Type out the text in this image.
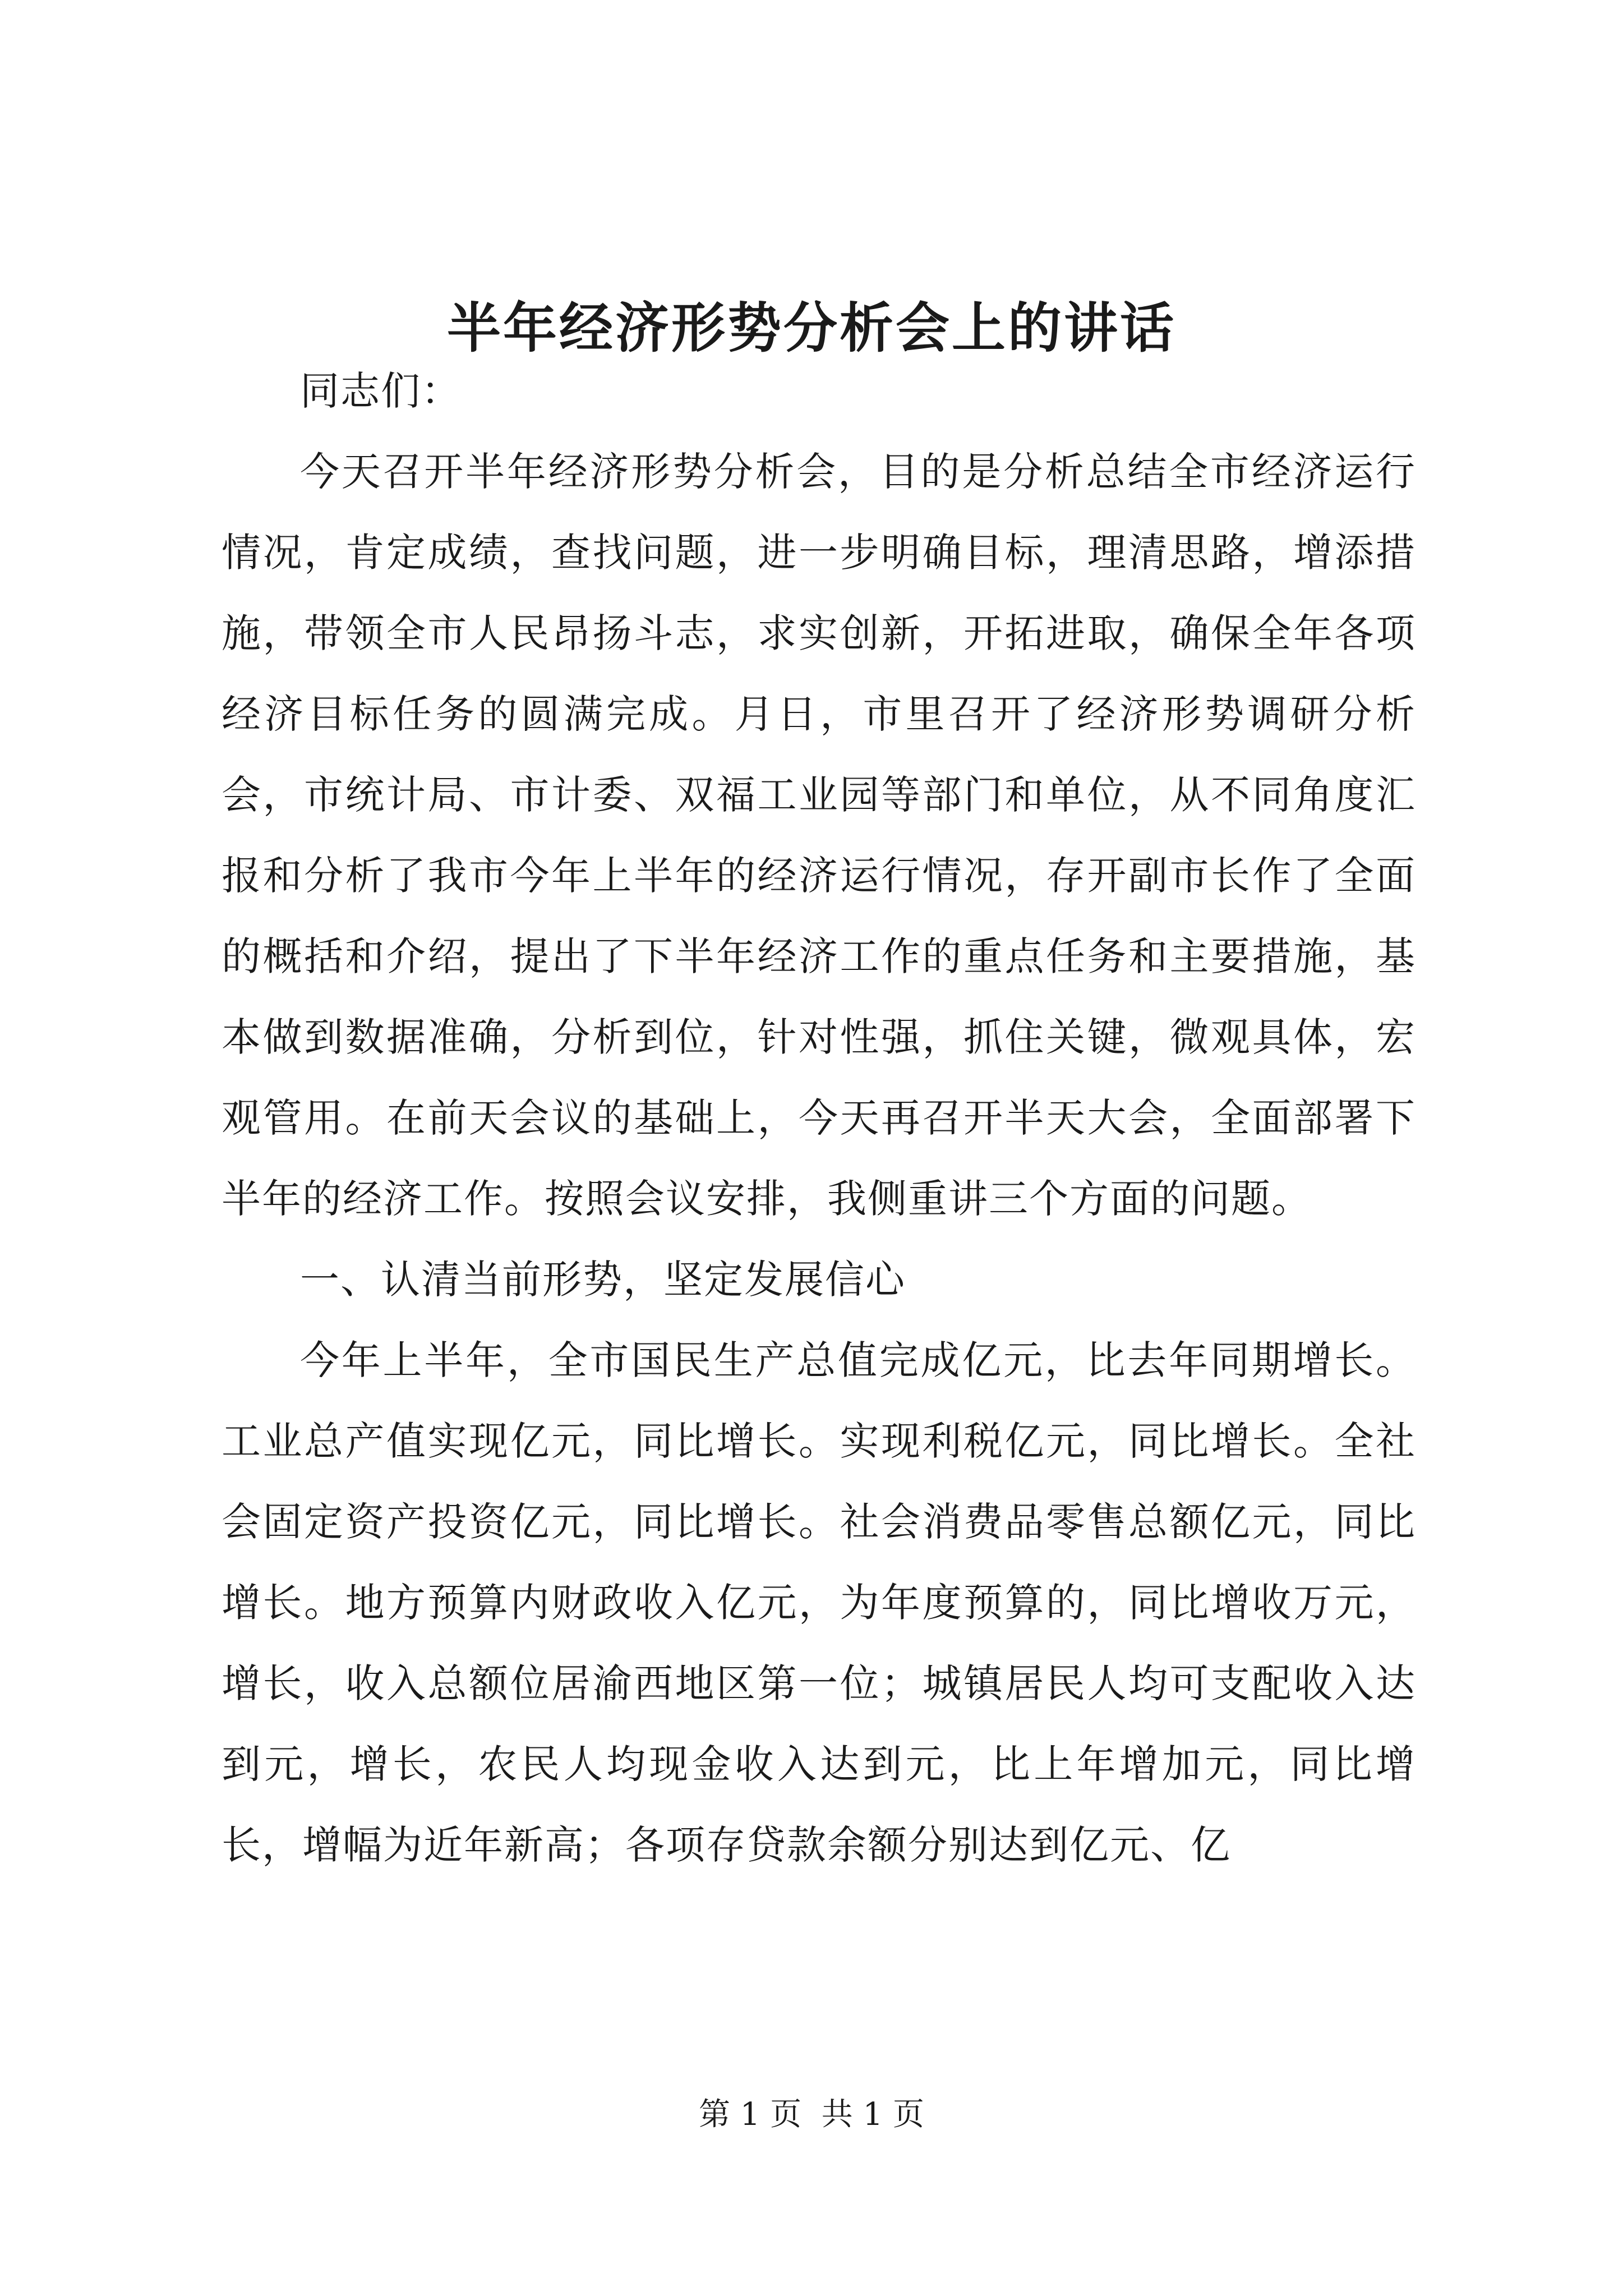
半年经济形势分析会上的讲话

同志们：

今天召开半年经济形势分析会，目的是分析总结全市经济运行情况，肯定成绩，查找问题，进一步明确目标，理清思路，增添措施，带领全市人民昂扬斗志，求实创新，开拓进取，确保全年各项经济目标任务的圆满完成。月日，市里召开了经济形势调研分析会，市统计局、市计委、双福工业园等部门和单位，从不同角度汇报和分析了我市今年上半年的经济运行情况，存开副市长作了全面的概括和介绍，提出了下半年经济工作的重点任务和主要措施，基本做到数据准确，分析到位，针对性强，抓住关键，微观具体，宏观管用。在前天会议的基础上，今天再召开半天大会，全面部署下半年的经济工作。按照会议安排，我侧重讲三个方面的问题。

一、认清当前形势，坚定发展信心

今年上半年，全市国民生产总值完成亿元，比去年同期增长。工业总产值实现亿元，同比增长。实现利税亿元，同比增长。全社会固定资产投资亿元，同比增长。社会消费品零售总额亿元，同比增长。地方预算内财政收入亿元，为年度预算的，同比增收万元，增长，收入总额位居渝西地区第一位；城镇居民人均可支配收入达到元，增长，农民人均现金收入达到元，比上年增加元，同比增长，增幅为近年新高；各项存贷款余额分别达到亿元、亿

第 1 页  共 1 页
